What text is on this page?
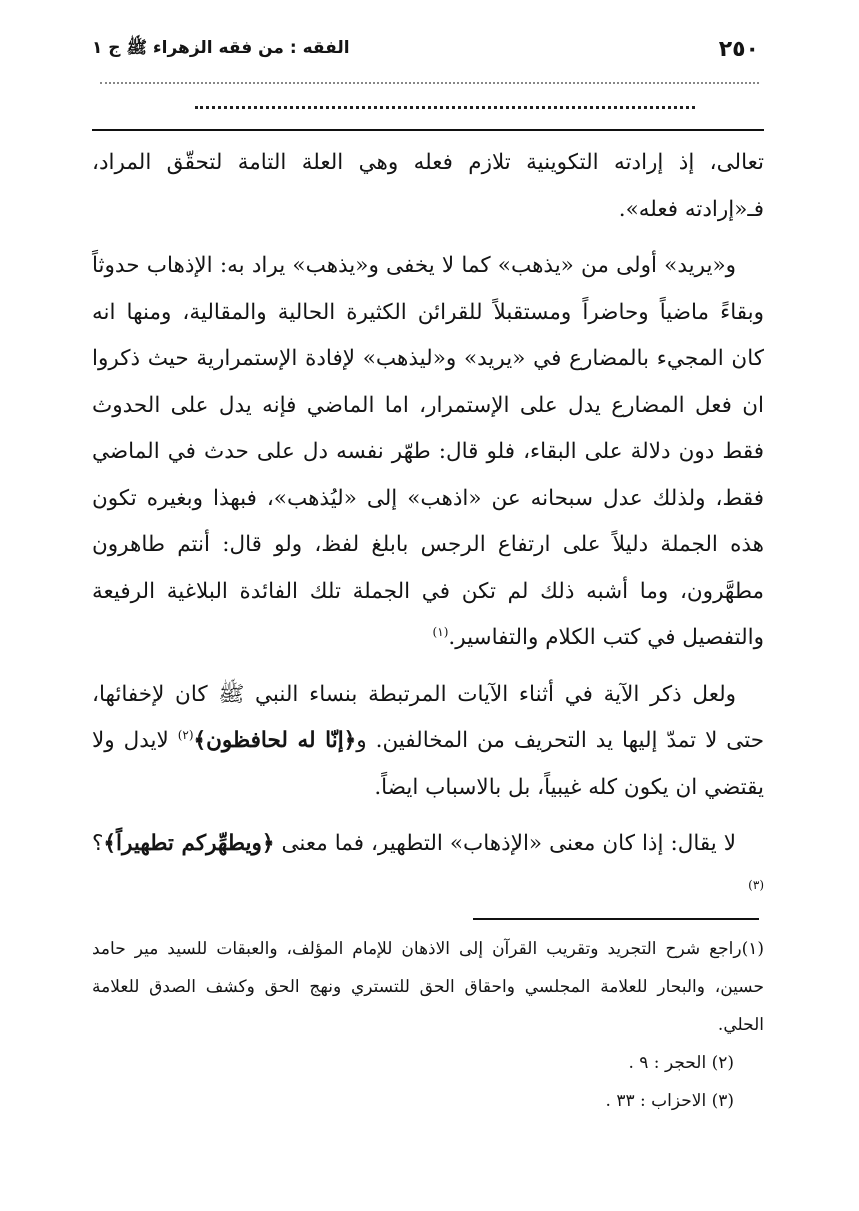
٢٥٠
الفقه : من فقه الزهراء ﷺ ج ١

تعالى، إذ إرادته التكوينية تلازم فعله وهي العلة التامة لتحقّق المراد، فـ«إرادته فعله».

و«يريد» أولى من «يذهب» كما لا يخفى و«يذهب» يراد به: الإذهاب حدوثاً وبقاءً ماضياً وحاضراً ومستقبلاً للقرائن الكثيرة الحالية والمقالية، ومنها انه كان المجيء بالمضارع في «يريد» و«ليذهب» لإفادة الإستمرارية حيث ذكروا ان فعل المضارع يدل على الإستمرار، اما الماضي فإنه يدل على الحدوث فقط دون دلالة على البقاء، فلو قال: طهّر نفسه دل على حدث في الماضي فقط، ولذلك عدل سبحانه عن «اذهب» إلى «ليُذهب»، فبهذا وبغيره تكون هذه الجملة دليلاً على ارتفاع الرجس بابلغ لفظ، ولو قال: أنتم طاهرون مطهَّرون، وما أشبه ذلك لم تكن في الجملة تلك الفائدة البلاغية الرفيعة والتفصيل في كتب الكلام والتفاسير.$^{(١)}$

ولعل ذكر الآية في أثناء الآيات المرتبطة بنساء النبي ﷺ كان لإخفائها، حتى لا تمدّ إليها يد التحريف من المخالفين. و﴿إنّا له لحافظون﴾$^{(٢)}$ لايدل ولا يقتضي ان يكون كله غيبياً، بل بالاسباب ايضاً.

لا يقال: إذا كان معنى «الإذهاب» التطهير، فما معنى ﴿ويطهِّركم تطهيراً﴾؟$^{(٣)}$

(١)راجع شرح التجريد وتقريب القرآن إلى الاذهان للإمام المؤلف، والعبقات للسيد مير حامد حسين، والبحار للعلامة المجلسي واحقاق الحق للتستري ونهج الحق وكشف الصدق للعلامة الحلي.

(٢) الحجر : ٩ .

(٣) الاحزاب : ٣٣ .
